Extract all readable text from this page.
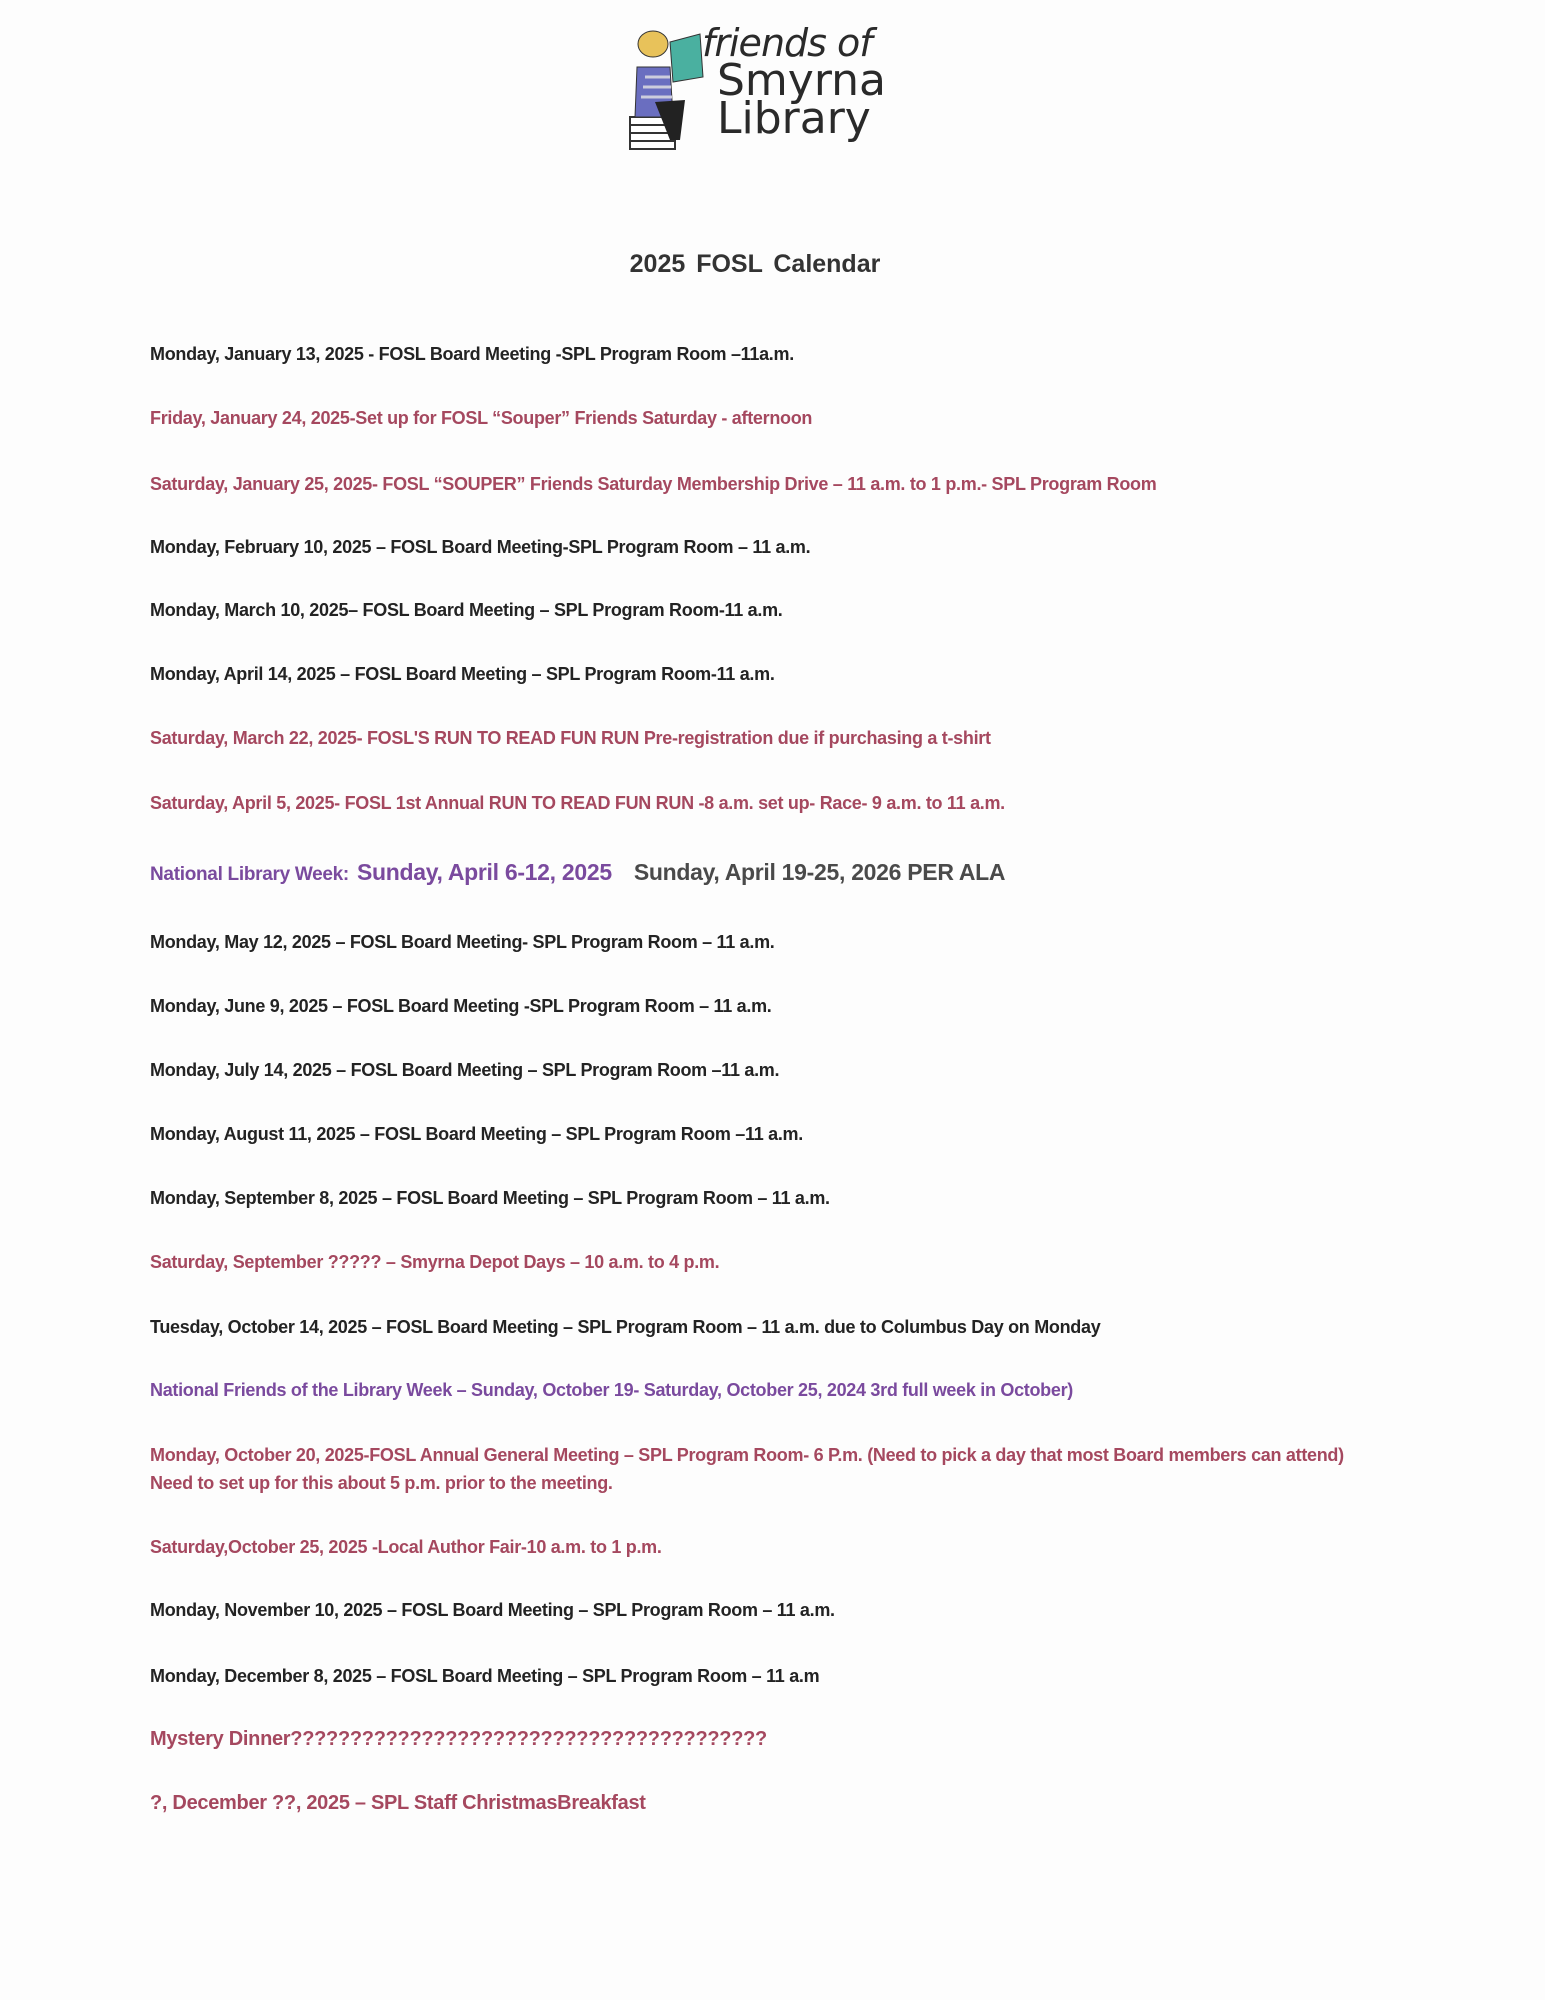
friends of
Smyrna
Library
2025 FOSL Calendar
Monday, January 13, 2025 - FOSL Board Meeting -SPL Program Room –11a.m.
Friday, January 24, 2025-Set up for FOSL “Souper” Friends Saturday - afternoon
Saturday, January 25, 2025- FOSL “SOUPER” Friends Saturday Membership Drive – 11 a.m. to 1 p.m.- SPL Program Room
Monday, February 10, 2025 – FOSL Board Meeting-SPL Program Room – 11 a.m.
Monday, March 10, 2025– FOSL Board Meeting – SPL Program Room-11 a.m.
Monday, April 14, 2025 – FOSL Board Meeting – SPL Program Room-11 a.m.
Saturday, March 22, 2025- FOSL'S RUN TO READ FUN RUN Pre-registration due if purchasing a t-shirt
Saturday, April 5, 2025- FOSL 1st Annual RUN TO READ FUN RUN -8 a.m. set up- Race- 9 a.m. to 11 a.m.
National Library Week: Sunday, April 6-12, 2025 Sunday, April 19-25, 2026 PER ALA
Monday, May 12, 2025 – FOSL Board Meeting- SPL Program Room – 11 a.m.
Monday, June 9, 2025 – FOSL Board Meeting -SPL Program Room – 11 a.m.
Monday, July 14, 2025 – FOSL Board Meeting – SPL Program Room –11 a.m.
Monday, August 11, 2025 – FOSL Board Meeting – SPL Program Room –11 a.m.
Monday, September 8, 2025 – FOSL Board Meeting – SPL Program Room – 11 a.m.
Saturday, September ????? – Smyrna Depot Days – 10 a.m. to 4 p.m.
Tuesday, October 14, 2025 – FOSL Board Meeting – SPL Program Room – 11 a.m. due to Columbus Day on Monday
National Friends of the Library Week – Sunday, October 19- Saturday, October 25, 2024 3rd full week in October)
Monday, October 20, 2025-FOSL Annual General Meeting – SPL Program Room- 6 P.m. (Need to pick a day that most Board members can attend) Need to set up for this about 5 p.m. prior to the meeting.
Saturday,October 25, 2025 -Local Author Fair-10 a.m. to 1 p.m.
Monday, November 10, 2025 – FOSL Board Meeting – SPL Program Room – 11 a.m.
Monday, December 8, 2025 – FOSL Board Meeting – SPL Program Room – 11 a.m
Mystery Dinner????????????????????????????????????????
?, December ??, 2025 – SPL Staff ChristmasBreakfast
